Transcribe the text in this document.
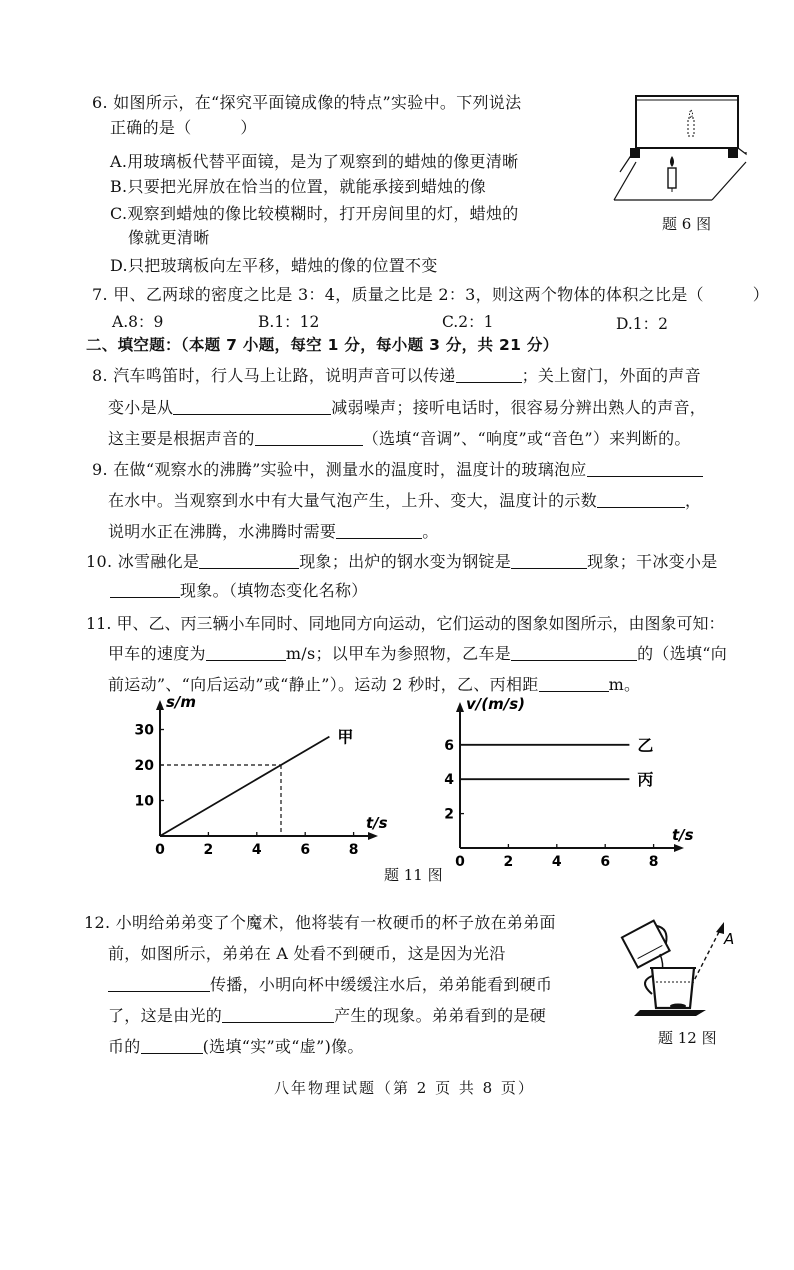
6. 如图所示，在“探究平面镜成像的特点”实验中。下列说法
正确的是（　　　）
A.用玻璃板代替平面镜，是为了观察到的蜡烛的像更清晰
B.只要把光屏放在恰当的位置，就能承接到蜡烛的像
C.观察到蜡烛的像比较模糊时，打开房间里的灯，蜡烛的
像就更清晰
D.只把玻璃板向左平移，蜡烛的像的位置不变
题 6 图
7. 甲、乙两球的密度之比是 3：4，质量之比是 2：3，则这两个物体的体积之比是（　　　）
A.8：9	B.1：12	C.2：1	D.1：2
二、填空题：（本题 7 小题，每空 1 分，每小题 3 分，共 21 分）
8. 汽车鸣笛时，行人马上让路，说明声音可以传递	；关上窗门，外面的声音
变小是从	减弱噪声；接听电话时，很容易分辨出熟人的声音，
这主要是根据声音的	（选填“音调”、“响度”或“音色”）来判断的。
9. 在做“观察水的沸腾”实验中，测量水的温度时，温度计的玻璃泡应
在水中。当观察到水中有大量气泡产生，上升、变大，温度计的示数	，
说明水正在沸腾，水沸腾时需要	。
10. 冰雪融化是	现象；出炉的钢水变为钢锭是	现象；干冰变小是
现象。（填物态变化名称）
11. 甲、乙、丙三辆小车同时、同地同方向运动，它们运动的图象如图所示，由图象可知：
甲车的速度为	m/s；以甲车为参照物，乙车是	的（选填“向
前运动”、“向后运动”或“静止”）。运动 2 秒时，乙、丙相距	m。
s/m
t/s
0	2	4	6	8
10
20
30	甲
v/(m/s)
t/s
0	2	4	6	8
2
4
6	乙
丙
题 11 图
12. 小明给弟弟变了个魔术，他将装有一枚硬币的杯子放在弟弟面
前，如图所示，弟弟在 A 处看不到硬币，这是因为光沿
传播，小明向杯中缓缓注水后，弟弟能看到硬币
了，这是由光的	产生的现象。弟弟看到的是硬
币的	(选填“实”或“虚”)像。
A
题 12 图
八年物理试题（第 2 页 共 8 页）
